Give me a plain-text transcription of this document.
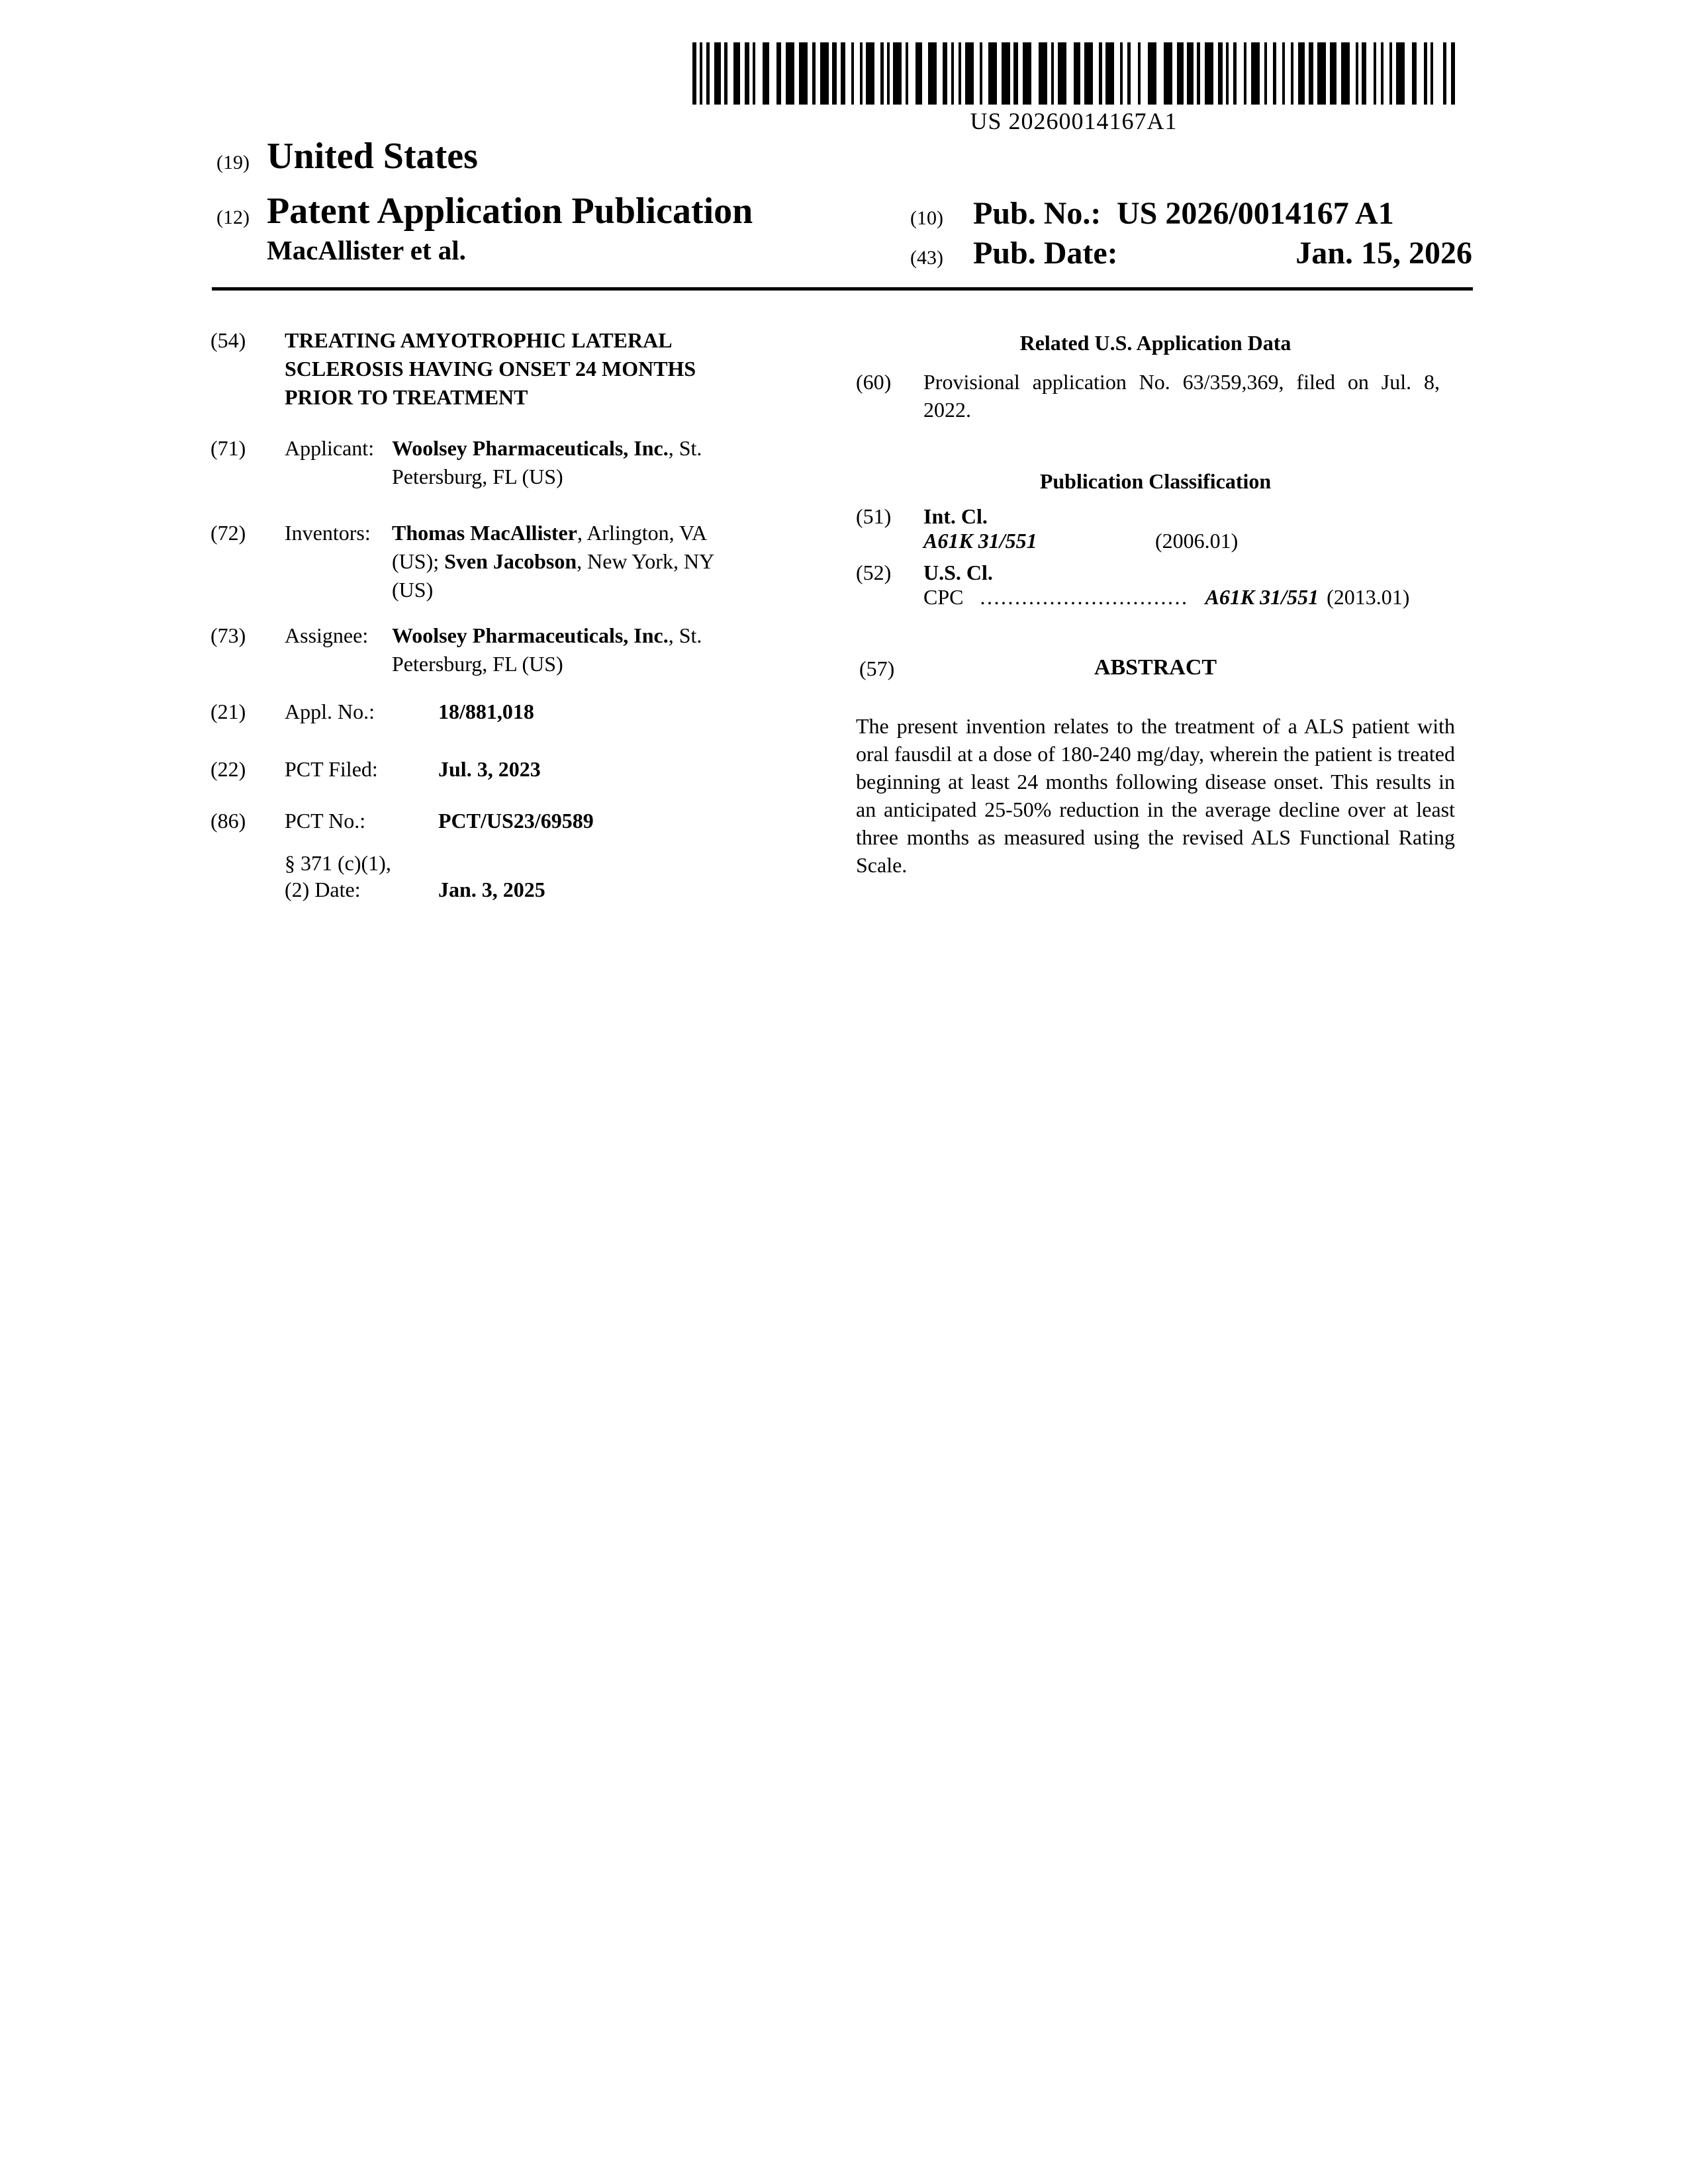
US 20260014167A1
(19) United States
(12) Patent Application Publication
MacAllister et al.
(10) Pub. No.: US 2026/0014167 A1
(43) Pub. Date:	Jan. 15, 2026
(54)	TREATING AMYOTROPHIC LATERAL
SCLEROSIS HAVING ONSET 24 MONTHS
PRIOR TO TREATMENT
(71)	Applicant: Woolsey Pharmaceuticals, Inc., St. Petersburg, FL (US)
(72)	Inventors:	Thomas MacAllister, Arlington, VA (US); Sven Jacobson, New York, NY (US)
(73)	Assignee:	Woolsey Pharmaceuticals, Inc., St. Petersburg, FL (US)
(21)	Appl. No.:	18/881,018
(22)	PCT Filed:	Jul. 3, 2023
(86)	PCT No.:	PCT/US23/69589
§ 371 (c)(1),
(2) Date:	Jan. 3, 2025
Related U.S. Application Data
(60)	Provisional application No. 63/359,369, filed on Jul. 8, 2022.
Publication Classification
(51)	Int. Cl.
A61K 31/551	(2006.01)
(52)	U.S. Cl.
CPC .............................. A61K 31/551 (2013.01)
(57)	ABSTRACT
The present invention relates to the treatment of a ALS patient with oral fausdil at a dose of 180-240 mg/day, wherein the patient is treated beginning at least 24 months following disease onset. This results in an anticipated 25-50% reduction in the average decline over at least three months as measured using the revised ALS Functional Rating Scale.
